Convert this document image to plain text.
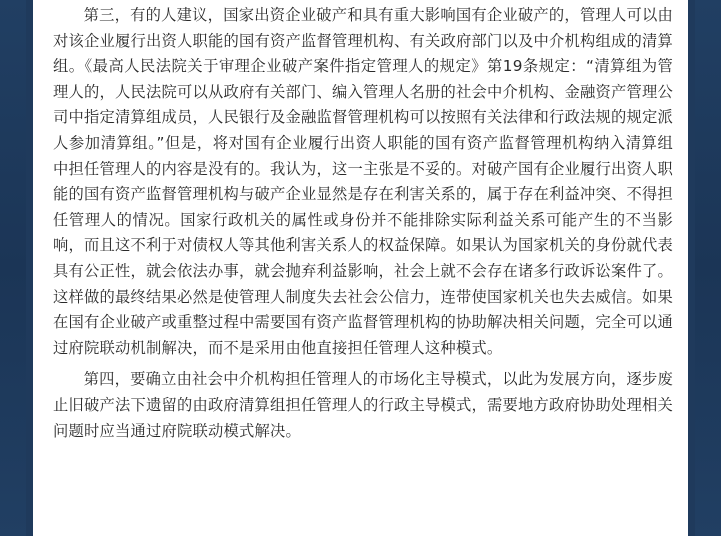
第三，有的人建议，国家出资企业破产和具有重大影响国有企业破产的，管理人可以由对该企业履行出资人职能的国有资产监督管理机构、有关政府部门以及中介机构组成的清算组。《最高人民法院关于审理企业破产案件指定管理人的规定》第19条规定：“清算组为管理人的，人民法院可以从政府有关部门、编入管理人名册的社会中介机构、金融资产管理公司中指定清算组成员，人民银行及金融监督管理机构可以按照有关法律和行政法规的规定派人参加清算组。”但是，将对国有企业履行出资人职能的国有资产监督管理机构纳入清算组中担任管理人的内容是没有的。我认为，这一主张是不妥的。对破产国有企业履行出资人职能的国有资产监督管理机构与破产企业显然是存在利害关系的，属于存在利益冲突、不得担任管理人的情况。国家行政机关的属性或身份并不能排除实际利益关系可能产生的不当影响，而且这不利于对债权人等其他利害关系人的权益保障。如果认为国家机关的身份就代表具有公正性，就会依法办事，就会抛弃利益影响，社会上就不会存在诸多行政诉讼案件了。这样做的最终结果必然是使管理人制度失去社会公信力，连带使国家机关也失去威信。如果在国有企业破产或重整过程中需要国有资产监督管理机构的协助解决相关问题，完全可以通过府院联动机制解决，而不是采用由他直接担任管理人这种模式。

第四，要确立由社会中介机构担任管理人的市场化主导模式，以此为发展方向，逐步废止旧破产法下遗留的由政府清算组担任管理人的行政主导模式，需要地方政府协助处理相关问题时应当通过府院联动模式解决。
